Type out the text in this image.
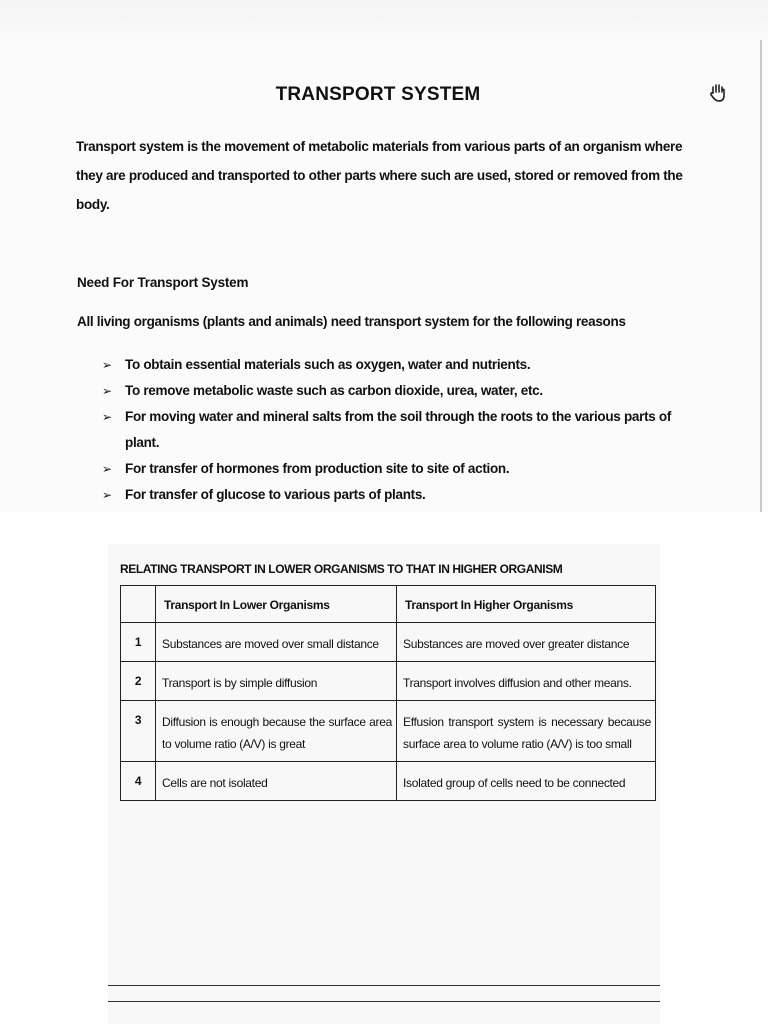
TRANSPORT SYSTEM
Transport system is the movement of metabolic materials from various parts of an organism where they are produced and transported to other parts where such are used, stored or removed from the body.
Need For Transport System
All living organisms (plants and animals) need transport system for the following reasons
➢ To obtain essential materials such as oxygen, water and nutrients.
➢ To remove metabolic waste such as carbon dioxide, urea, water, etc.
➢ For moving water and mineral salts from the soil through the roots to the various parts of plant.
➢ For transfer of hormones from production site to site of action.
➢ For transfer of glucose to various parts of plants.
RELATING TRANSPORT IN LOWER ORGANISMS TO THAT IN HIGHER ORGANISM
	Transport In Lower Organisms	Transport In Higher Organisms
1	Substances are moved over small distance	Substances are moved over greater distance

2	Transport is by simple diffusion	Transport involves diffusion and other means.

3	Diffusion is enough because the surface area to volume ratio (A/V) is great	Effusion transport system is necessary because surface area to volume ratio (A/V) is too small

4	Cells are not isolated	Isolated group of cells need to be connected
